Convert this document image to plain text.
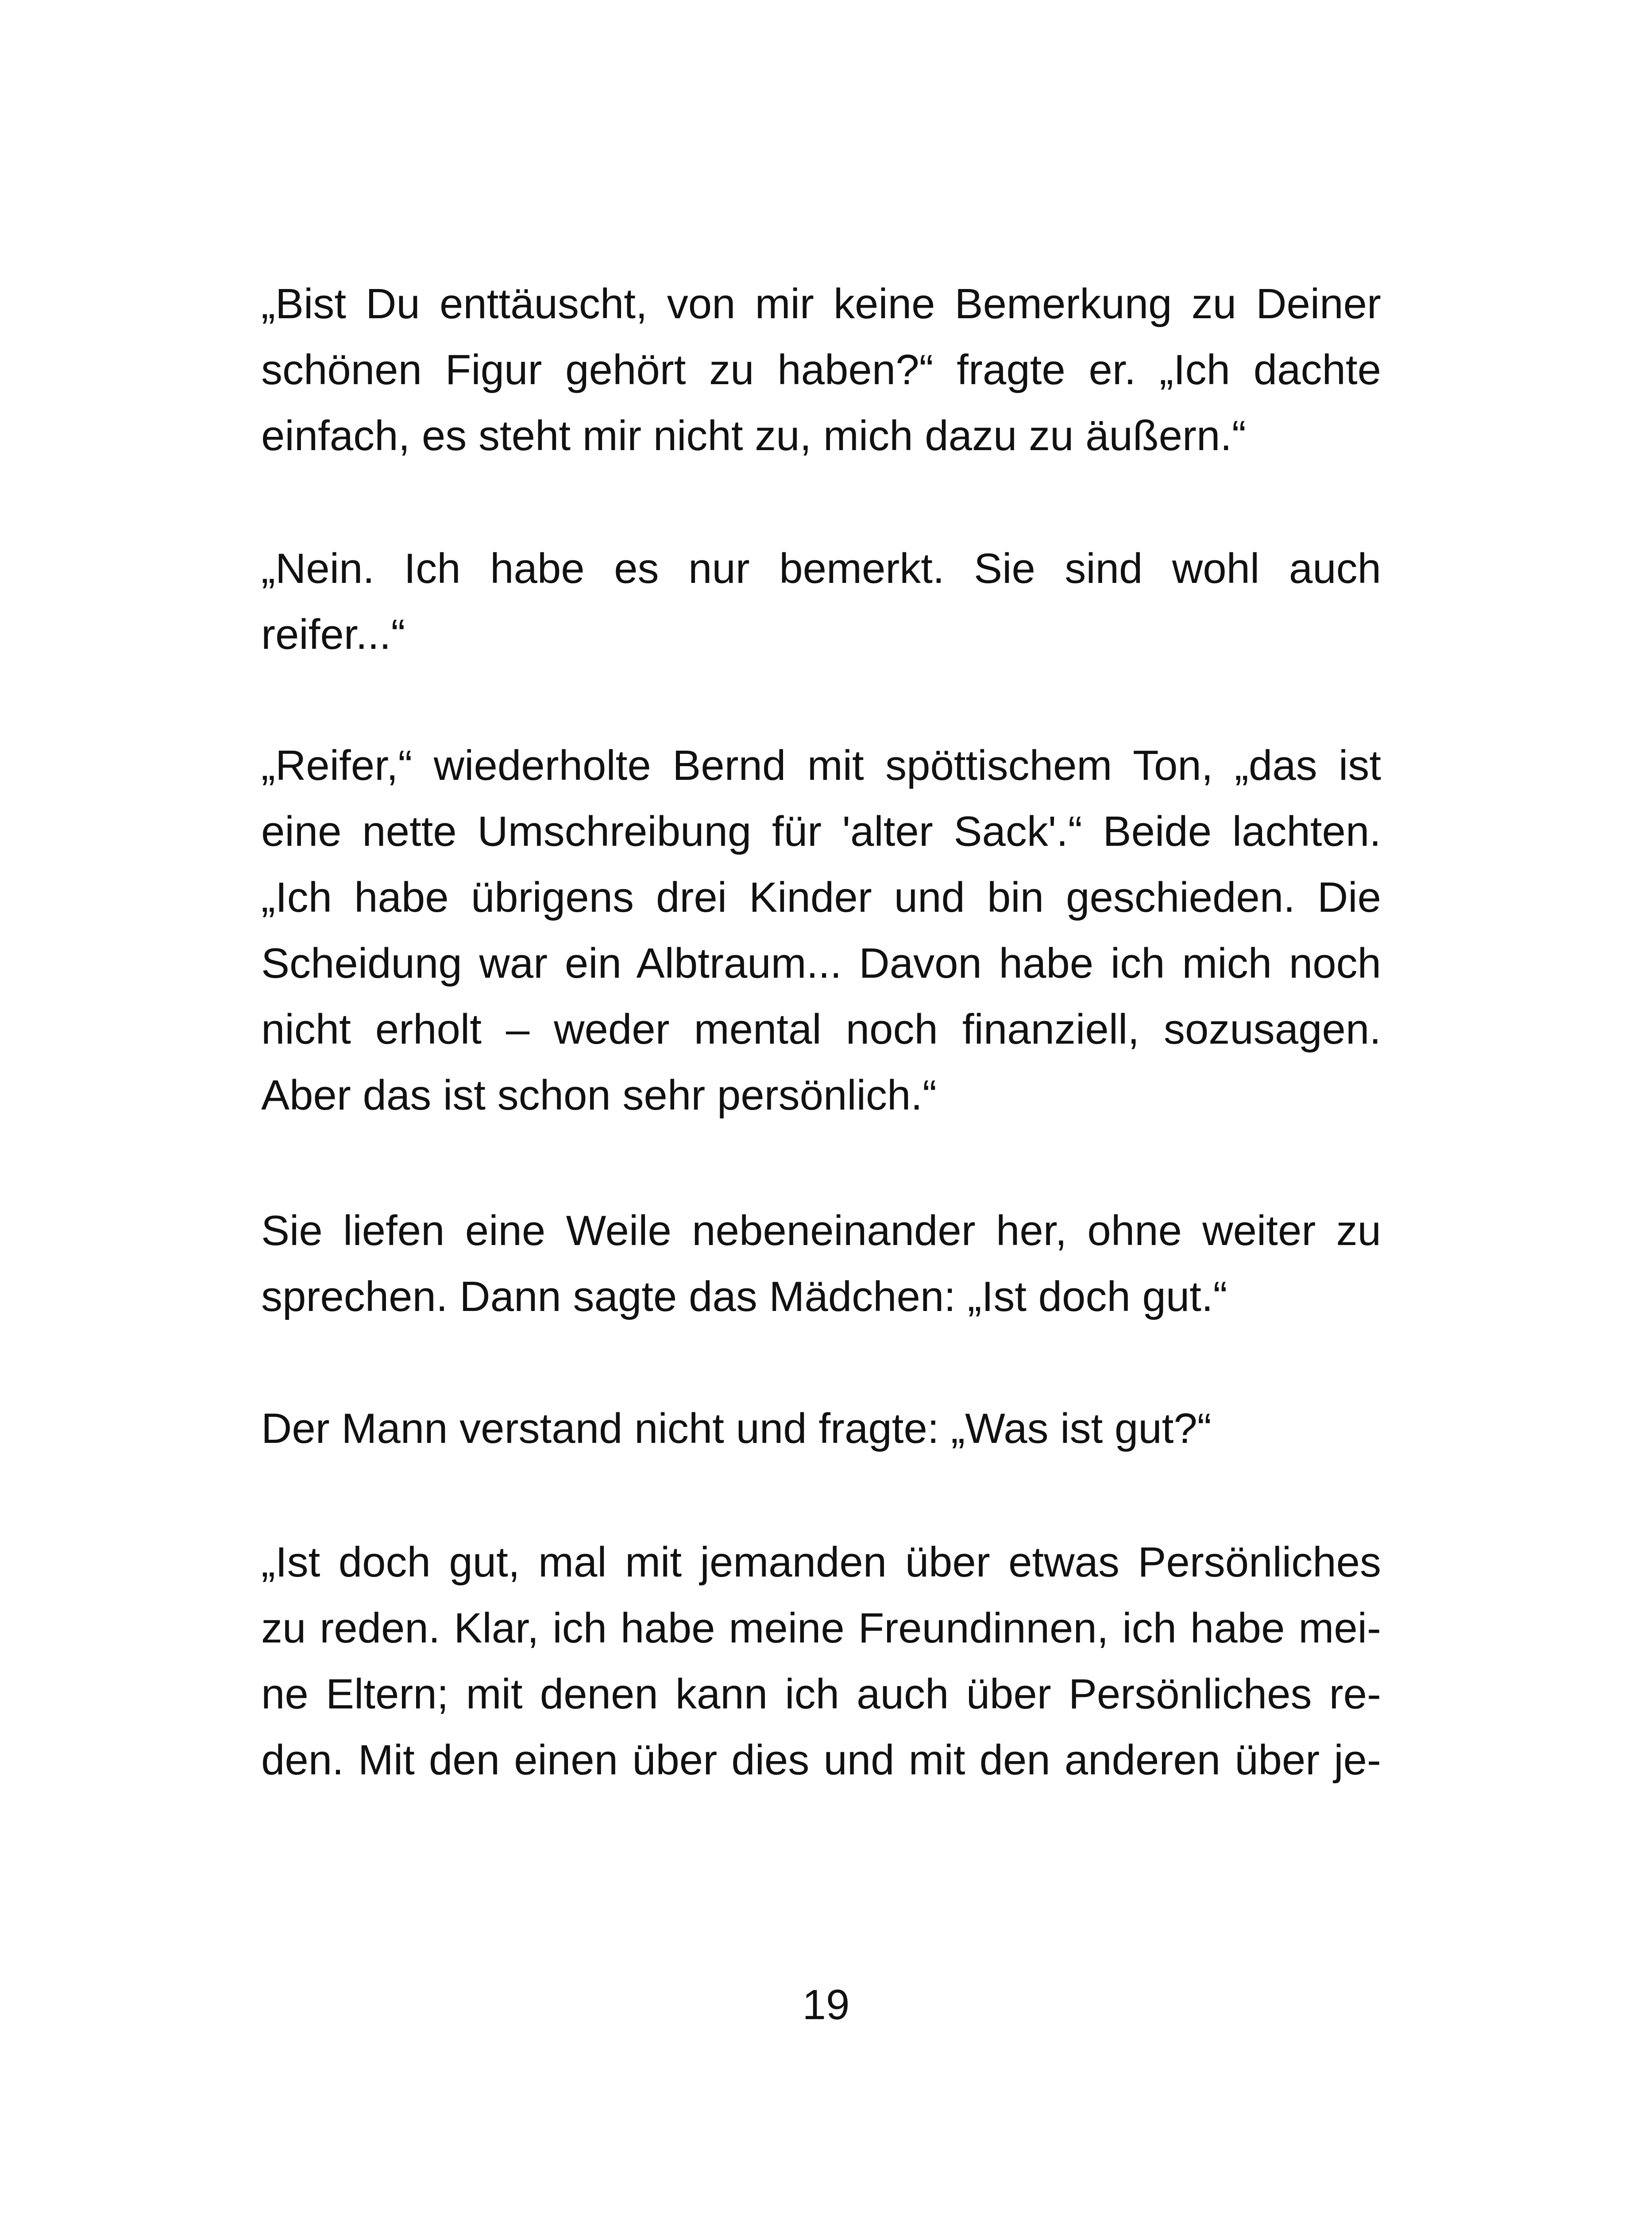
„Bist Du enttäuscht, von mir keine Bemerkung zu Deiner
schönen Figur gehört zu haben?“ fragte er. „Ich dachte
einfach, es steht mir nicht zu, mich dazu zu äußern.“
„Nein. Ich habe es nur bemerkt. Sie sind wohl auch
reifer...“
„Reifer,“ wiederholte Bernd mit spöttischem Ton, „das ist
eine nette Umschreibung für 'alter Sack'.“ Beide lachten.
„Ich habe übrigens drei Kinder und bin geschieden. Die
Scheidung war ein Albtraum... Davon habe ich mich noch
nicht erholt – weder mental noch finanziell, sozusagen.
Aber das ist schon sehr persönlich.“
Sie liefen eine Weile nebeneinander her, ohne weiter zu
sprechen. Dann sagte das Mädchen: „Ist doch gut.“
Der Mann verstand nicht und fragte: „Was ist gut?“
„Ist doch gut, mal mit jemanden über etwas Persönliches
zu reden. Klar, ich habe meine Freundinnen, ich habe mei-
ne Eltern; mit denen kann ich auch über Persönliches re-
den. Mit den einen über dies und mit den anderen über je-
19
